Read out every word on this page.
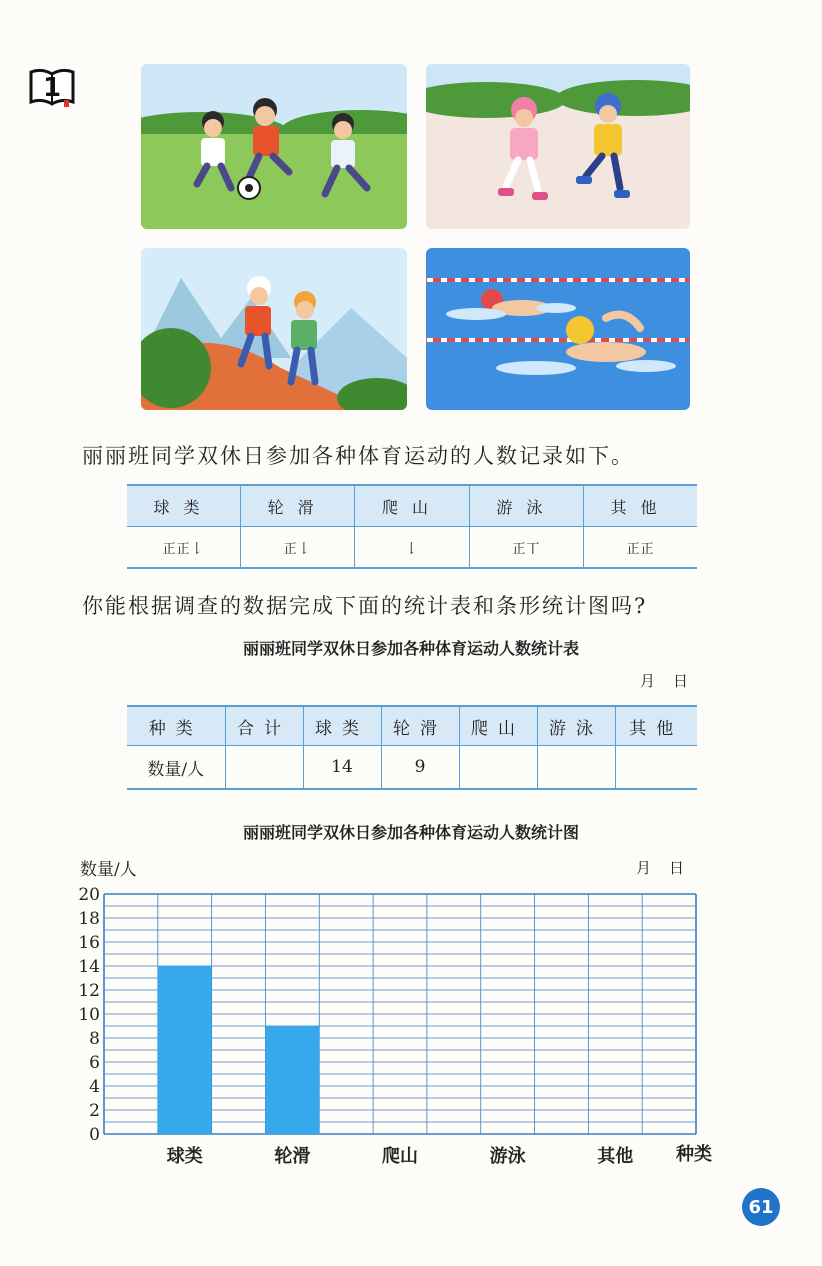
1

丽丽班同学双休日参加各种体育运动的人数记录如下。

球类	轮滑	爬山	游泳	其他
正正𠄌	正𠄌	𠄌	正丅	正正

你能根据调查的数据完成下面的统计表和条形统计图吗?

丽丽班同学双休日参加各种体育运动人数统计表
月日
种类	合计	球类	轮滑	爬山	游泳	其他
数量/人		14	9			
丽丽班同学双休日参加各种体育运动人数统计图
数量/人	月日
0
2
4
6
8
10
12
14
16
18
20
球类	轮滑	爬山	游泳	其他 种类
61
